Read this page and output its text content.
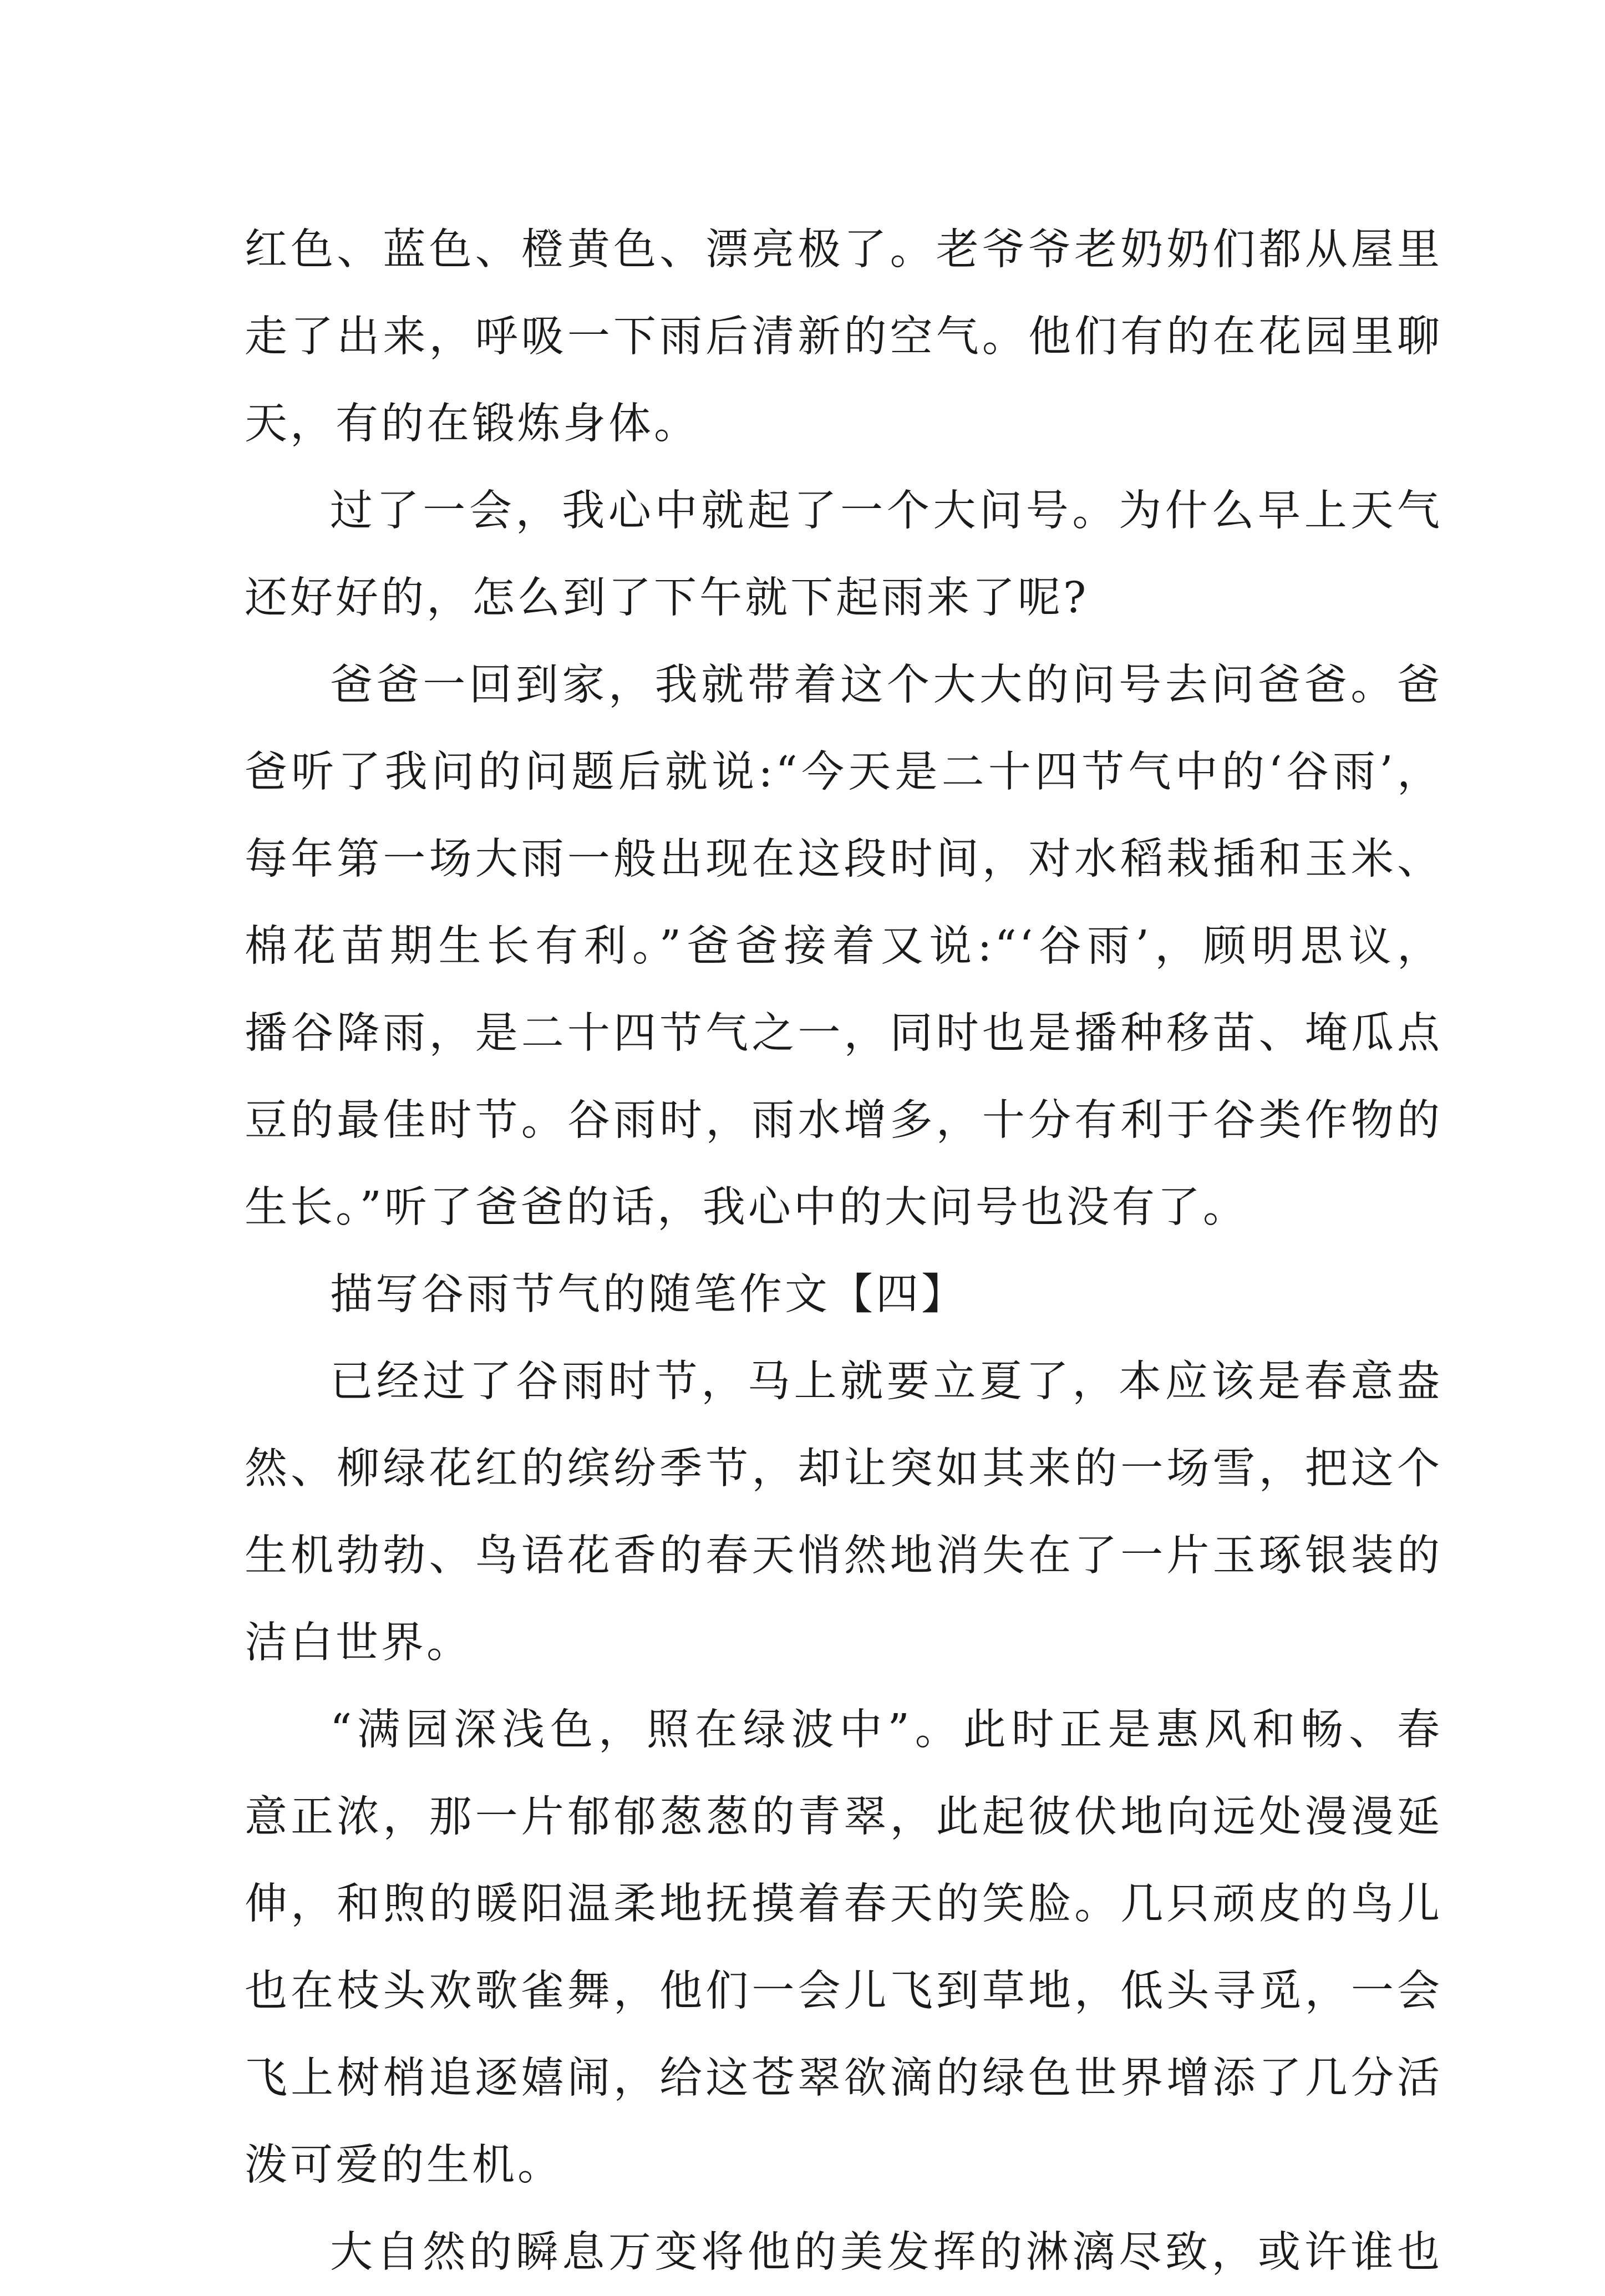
红色、蓝色、橙黄色、漂亮极了。老爷爷老奶奶们都从屋里
走了出来，呼吸一下雨后清新的空气。他们有的在花园里聊
天，有的在锻炼身体。
过了一会，我心中就起了一个大问号。为什么早上天气
还好好的，怎么到了下午就下起雨来了呢?
爸爸一回到家，我就带着这个大大的问号去问爸爸。爸
爸听了我问的问题后就说:“今天是二十四节气中的‘谷雨’，
每年第一场大雨一般出现在这段时间，对水稻栽插和玉米、
棉花苗期生长有利。”爸爸接着又说:“‘谷雨’，顾明思议，
播谷降雨，是二十四节气之一，同时也是播种移苗、埯瓜点
豆的最佳时节。谷雨时，雨水增多，十分有利于谷类作物的
生长。”听了爸爸的话，我心中的大问号也没有了。
描写谷雨节气的随笔作文【四】
已经过了谷雨时节，马上就要立夏了，本应该是春意盎
然、柳绿花红的缤纷季节，却让突如其来的一场雪，把这个
生机勃勃、鸟语花香的春天悄然地消失在了一片玉琢银装的
洁白世界。
“满园深浅色，照在绿波中”。此时正是惠风和畅、春
意正浓，那一片郁郁葱葱的青翠，此起彼伏地向远处漫漫延
伸，和煦的暖阳温柔地抚摸着春天的笑脸。几只顽皮的鸟儿
也在枝头欢歌雀舞，他们一会儿飞到草地，低头寻觅，一会
飞上树梢追逐嬉闹，给这苍翠欲滴的绿色世界增添了几分活
泼可爱的生机。
大自然的瞬息万变将他的美发挥的淋漓尽致，或许谁也
